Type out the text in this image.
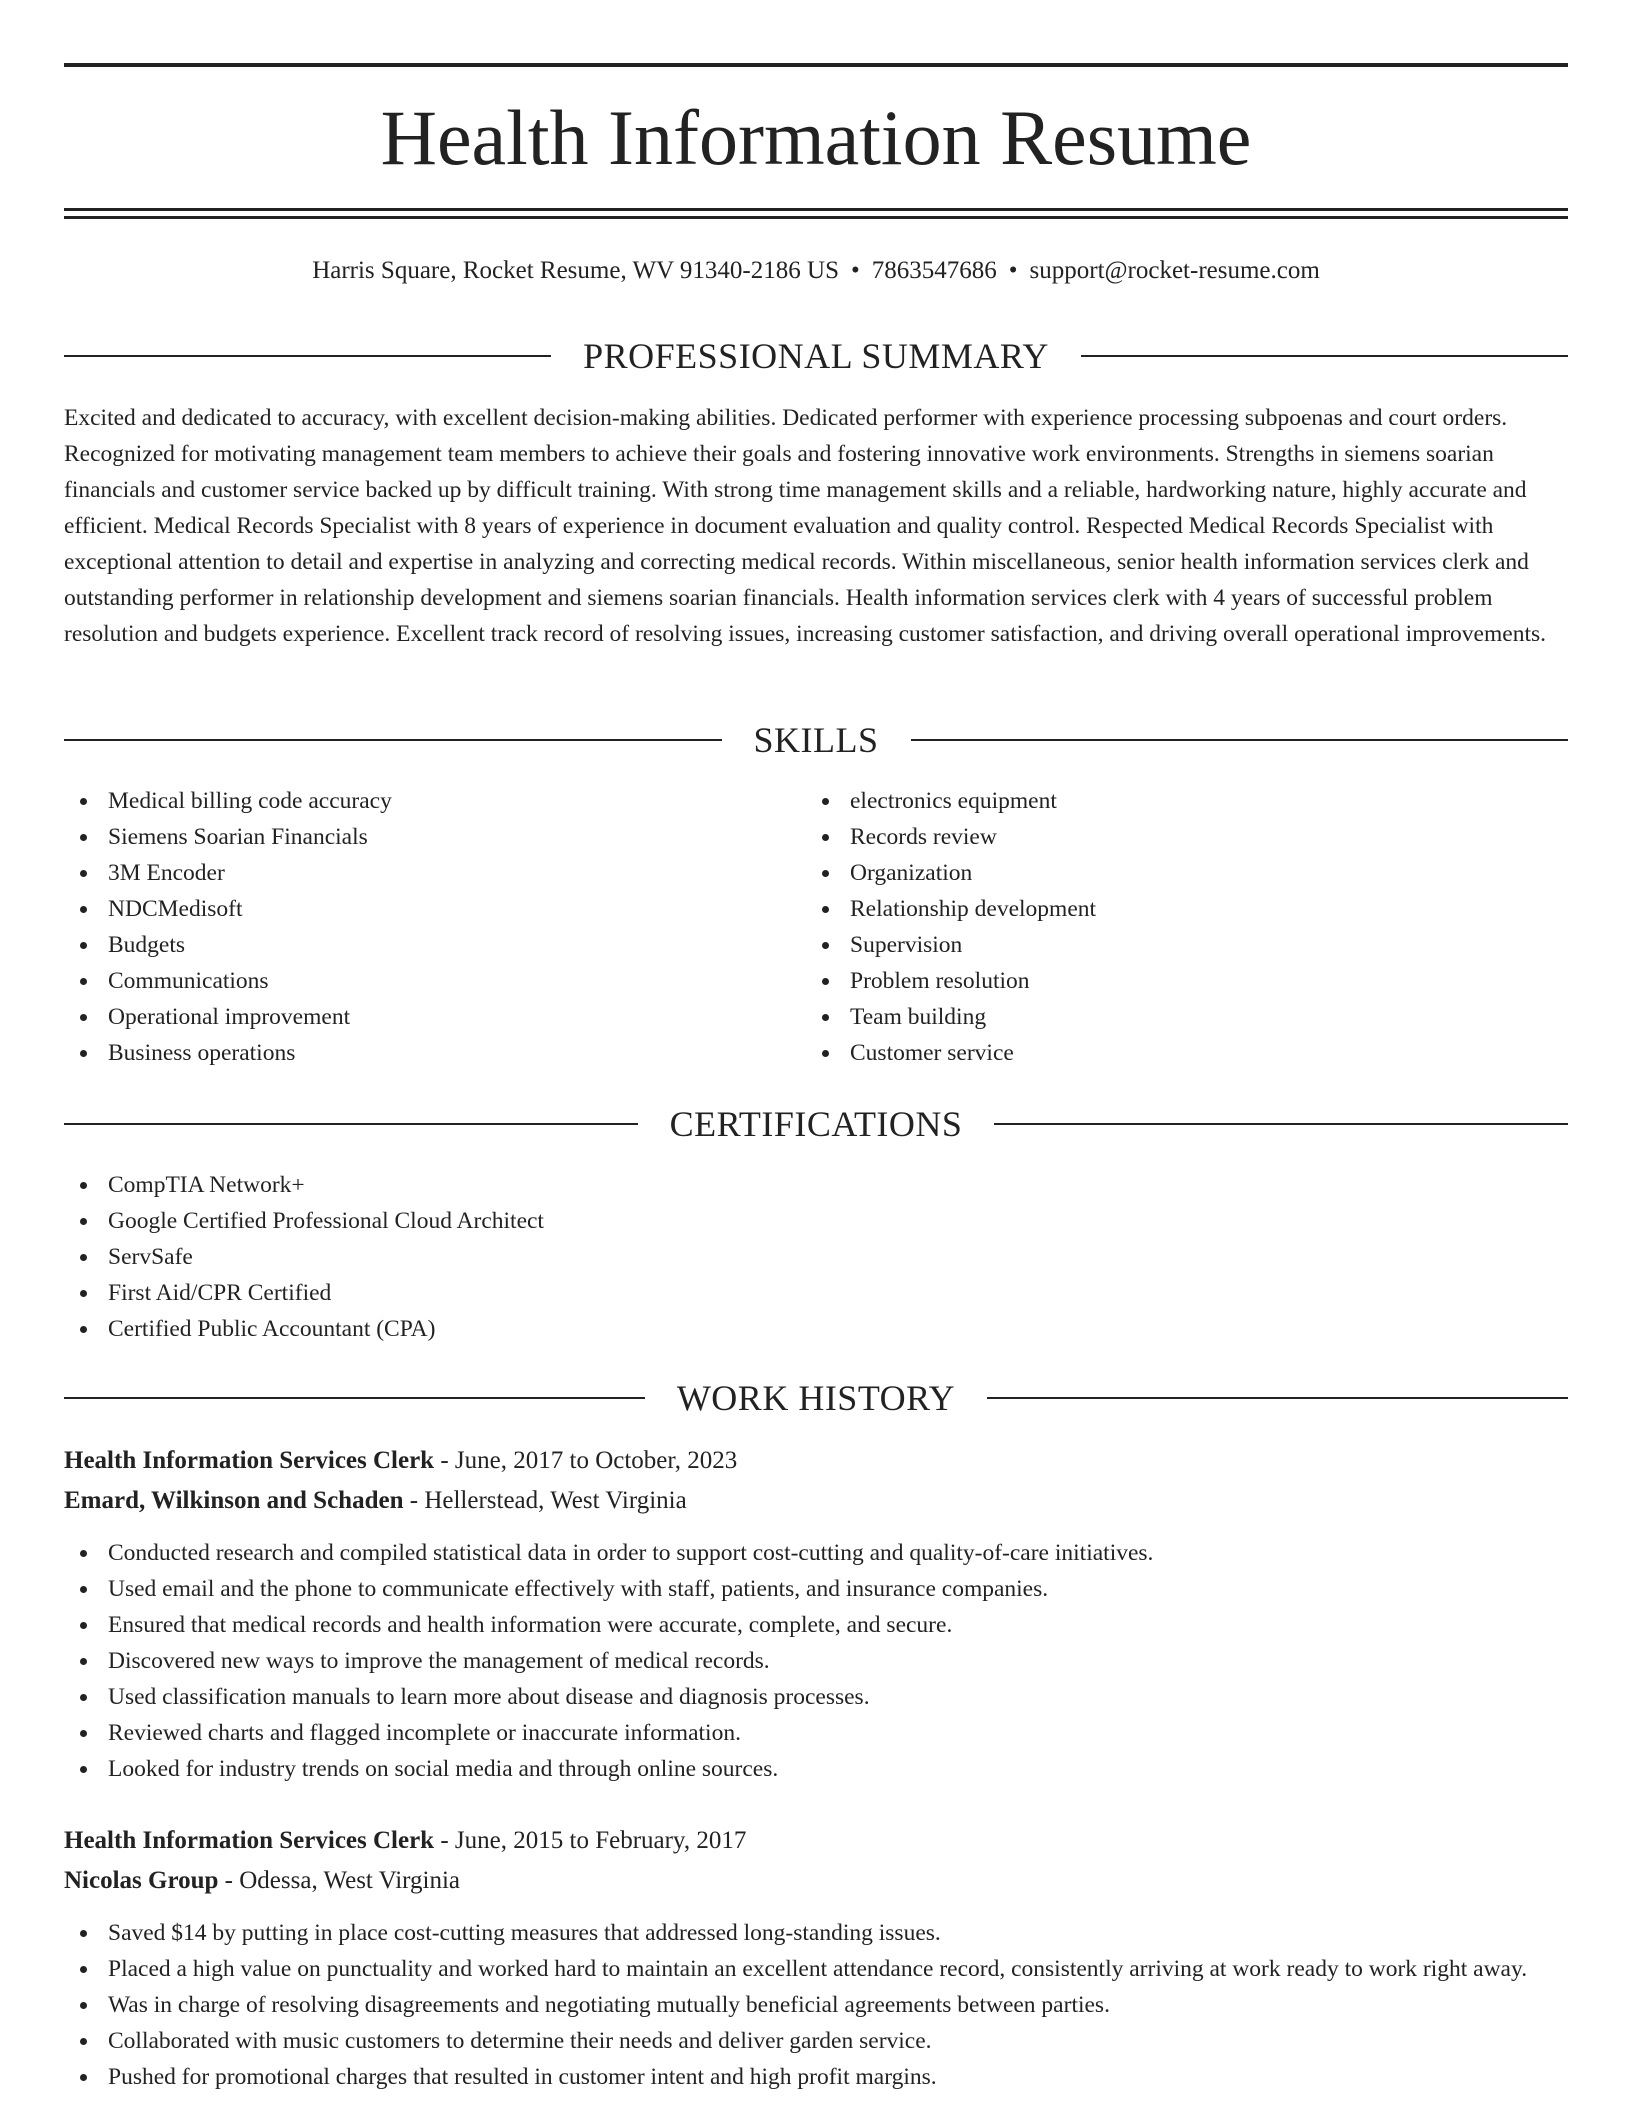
Health Information Resume
Harris Square, Rocket Resume, WV 91340-2186 US • 7863547686 • support@rocket-resume.com
PROFESSIONAL SUMMARY

Excited and dedicated to accuracy, with excellent decision-making abilities. Dedicated performer with experience processing subpoenas and court orders. Recognized for motivating management team members to achieve their goals and fostering innovative work environments. Strengths in siemens soarian financials and customer service backed up by difficult training. With strong time management skills and a reliable, hardworking nature, highly accurate and efficient. Medical Records Specialist with 8 years of experience in document evaluation and quality control. Respected Medical Records Specialist with exceptional attention to detail and expertise in analyzing and correcting medical records. Within miscellaneous, senior health information services clerk and outstanding performer in relationship development and siemens soarian financials. Health information services clerk with 4 years of successful problem resolution and budgets experience. Excellent track record of resolving issues, increasing customer satisfaction, and driving overall operational improvements.

SKILLS
Medical billing code accuracy
Siemens Soarian Financials
3M Encoder
NDCMedisoft
Budgets
Communications
Operational improvement
Business operations
electronics equipment
Records review
Organization
Relationship development
Supervision
Problem resolution
Team building
Customer service
CERTIFICATIONS
CompTIA Network+
Google Certified Professional Cloud Architect
ServSafe
First Aid/CPR Certified
Certified Public Accountant (CPA)
WORK HISTORY
Health Information Services Clerk - June, 2017 to October, 2023
Emard, Wilkinson and Schaden - Hellerstead, West Virginia
Conducted research and compiled statistical data in order to support cost-cutting and quality-of-care initiatives.
Used email and the phone to communicate effectively with staff, patients, and insurance companies.
Ensured that medical records and health information were accurate, complete, and secure.
Discovered new ways to improve the management of medical records.
Used classification manuals to learn more about disease and diagnosis processes.
Reviewed charts and flagged incomplete or inaccurate information.
Looked for industry trends on social media and through online sources.
Health Information Services Clerk - June, 2015 to February, 2017
Nicolas Group - Odessa, West Virginia
Saved $14 by putting in place cost-cutting measures that addressed long-standing issues.
Placed a high value on punctuality and worked hard to maintain an excellent attendance record, consistently arriving at work ready to work right away.
Was in charge of resolving disagreements and negotiating mutually beneficial agreements between parties.
Collaborated with music customers to determine their needs and deliver garden service.
Pushed for promotional charges that resulted in customer intent and high profit margins.
